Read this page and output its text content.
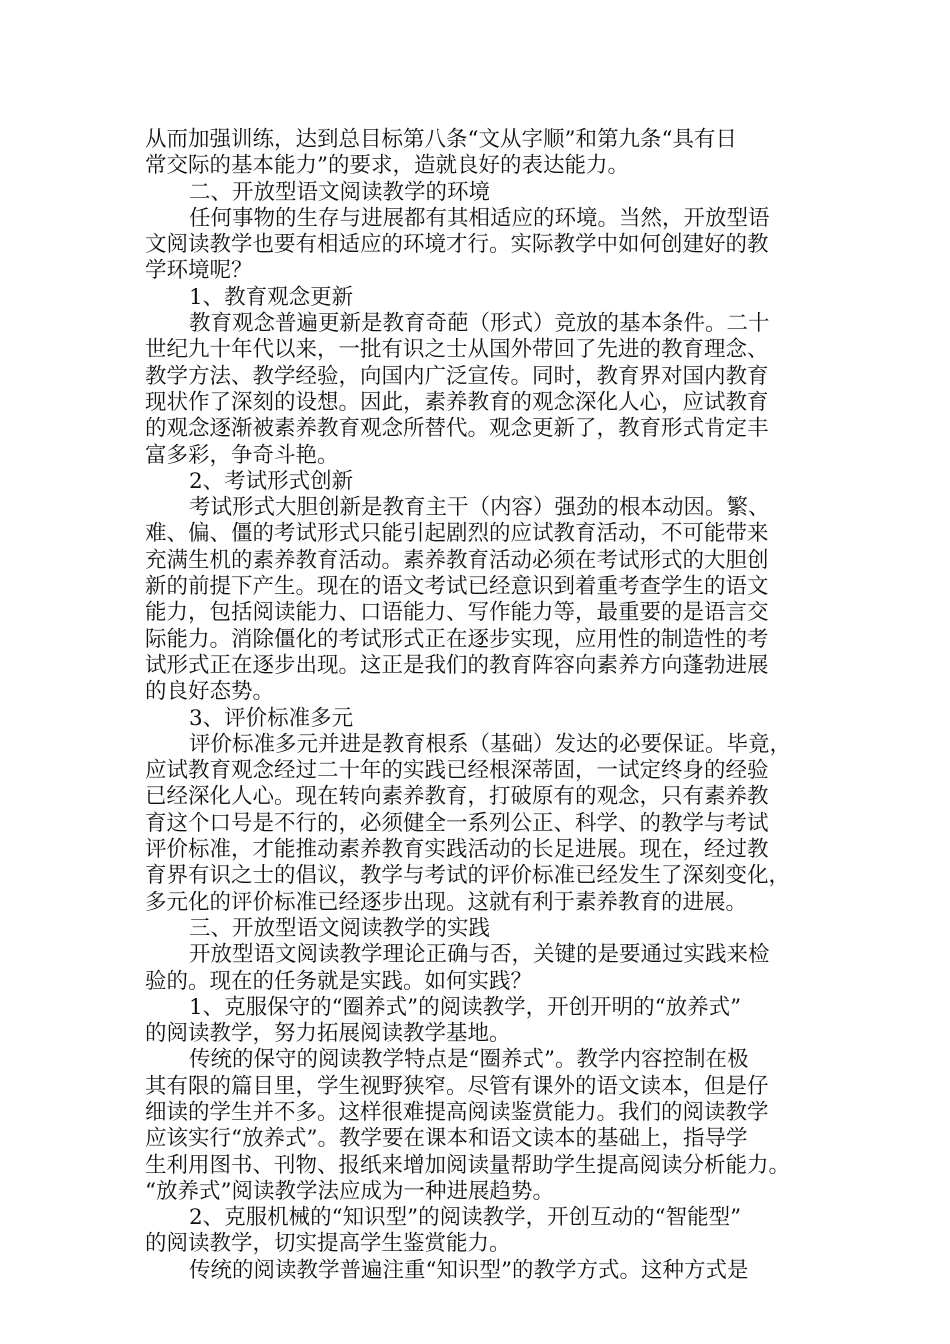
从而加强训练，达到总目标第八条“文从字顺”和第九条“具有日
常交际的基本能力”的要求，造就良好的表达能力。
二、开放型语文阅读教学的环境
任何事物的生存与进展都有其相适应的环境。当然，开放型语
文阅读教学也要有相适应的环境才行。实际教学中如何创建好的教
学环境呢？
1、教育观念更新
教育观念普遍更新是教育奇葩（形式）竞放的基本条件。二十
世纪九十年代以来，一批有识之士从国外带回了先进的教育理念、
教学方法、教学经验，向国内广泛宣传。同时，教育界对国内教育
现状作了深刻的设想。因此，素养教育的观念深化人心，应试教育
的观念逐渐被素养教育观念所替代。观念更新了，教育形式肯定丰
富多彩，争奇斗艳。
2、考试形式创新
考试形式大胆创新是教育主干（内容）强劲的根本动因。繁、
难、偏、僵的考试形式只能引起剧烈的应试教育活动，不可能带来
充满生机的素养教育活动。素养教育活动必须在考试形式的大胆创
新的前提下产生。现在的语文考试已经意识到着重考查学生的语文
能力，包括阅读能力、口语能力、写作能力等，最重要的是语言交
际能力。消除僵化的考试形式正在逐步实现，应用性的制造性的考
试形式正在逐步出现。这正是我们的教育阵容向素养方向蓬勃进展
的良好态势。
3、评价标准多元
评价标准多元并进是教育根系（基础）发达的必要保证。毕竟，
应试教育观念经过二十年的实践已经根深蒂固，一试定终身的经验
已经深化人心。现在转向素养教育，打破原有的观念，只有素养教
育这个口号是不行的，必须健全一系列公正、科学、的教学与考试
评价标准，才能推动素养教育实践活动的长足进展。现在，经过教
育界有识之士的倡议，教学与考试的评价标准已经发生了深刻变化，
多元化的评价标准已经逐步出现。这就有利于素养教育的进展。
三、开放型语文阅读教学的实践
开放型语文阅读教学理论正确与否，关键的是要通过实践来检
验的。现在的任务就是实践。如何实践？
1、克服保守的“圈养式”的阅读教学，开创开明的“放养式”
的阅读教学，努力拓展阅读教学基地。
传统的保守的阅读教学特点是“圈养式”。教学内容控制在极
其有限的篇目里，学生视野狭窄。尽管有课外的语文读本，但是仔
细读的学生并不多。这样很难提高阅读鉴赏能力。我们的阅读教学
应该实行“放养式”。教学要在课本和语文读本的基础上，指导学
生利用图书、刊物、报纸来增加阅读量帮助学生提高阅读分析能力。
“放养式”阅读教学法应成为一种进展趋势。
2、克服机械的“知识型”的阅读教学，开创互动的“智能型”
的阅读教学，切实提高学生鉴赏能力。
传统的阅读教学普遍注重“知识型”的教学方式。这种方式是
